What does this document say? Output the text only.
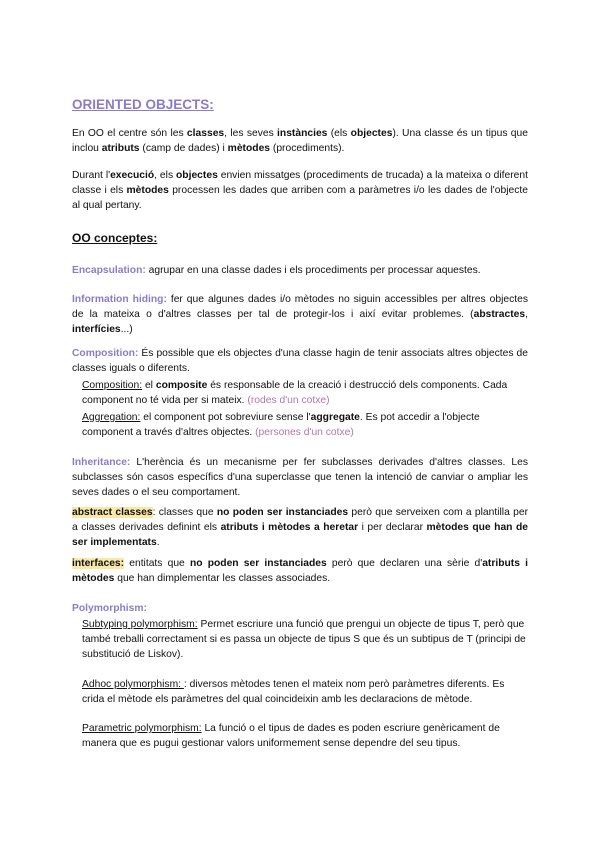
ORIENTED OBJECTS:

En OO el centre són les classes, les seves instàncies (els objectes). Una classe és un tipus que inclou atributs (camp de dades) i mètodes (procediments).

Durant l'execució, els objectes envien missatges (procediments de trucada) a la mateixa o diferent classe i els mètodes processen les dades que arriben com a paràmetres i/o les dades de l'objecte al qual pertany.

OO conceptes:

Encapsulation: agrupar en una classe dades i els procediments per processar aquestes.

Information hiding: fer que algunes dades i/o mètodes no siguin accessibles per altres objectes de la mateixa o d'altres classes per tal de protegir-los i així evitar problemes. (abstractes, interfícies...)

Composition: És possible que els objectes d'una classe hagin de tenir associats altres objectes de classes iguals o diferents.

Composition: el composite és responsable de la creació i destrucció dels components. Cada component no té vida per si mateix. (rodes d'un cotxe)

Aggregation: el component pot sobreviure sense l'aggregate. Es pot accedir a l'objecte component a través d'altres objectes. (persones d'un cotxe)

Inheritance: L'herència és un mecanisme per fer subclasses derivades d'altres classes. Les subclasses són casos específics d'una superclasse que tenen la intenció de canviar o ampliar les seves dades o el seu comportament.

abstract classes: classes que no poden ser instanciades però que serveixen com a plantilla per a classes derivades definint els atributs i mètodes a heretar i per declarar mètodes que han de ser implementats.

interfaces: entitats que no poden ser instanciades però que declaren una sèrie d'atributs i mètodes que han dimplementar les classes associades.

Polymorphism:

Subtyping polymorphism: Permet escriure una funció que prengui un objecte de tipus T, però que també treballi correctament si es passa un objecte de tipus S que és un subtipus de T (principi de substitució de Liskov).

Adhoc polymorphism: : diversos mètodes tenen el mateix nom però paràmetres diferents. Es crida el mètode els paràmetres del qual coincideixin amb les declaracions de mètode.

Parametric polymorphism: La funció o el tipus de dades es poden escriure genèricament de manera que es pugui gestionar valors uniformement sense dependre del seu tipus.
